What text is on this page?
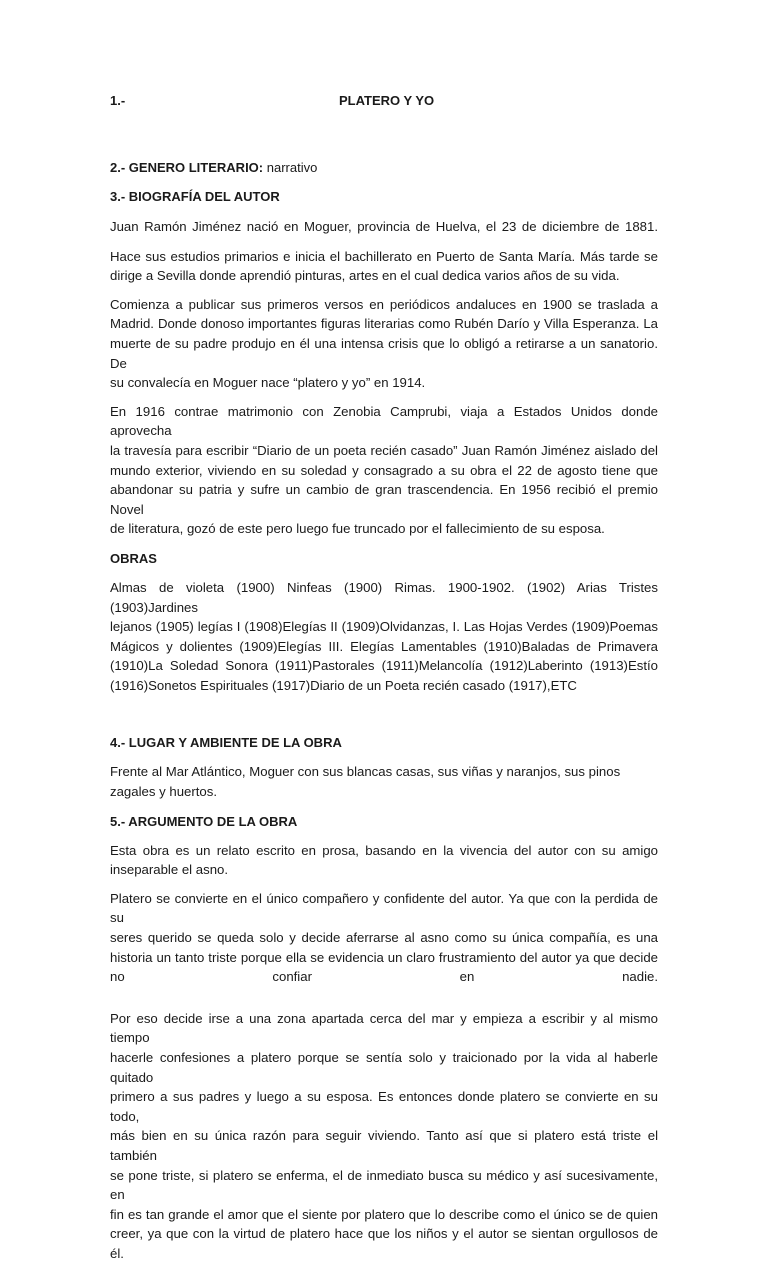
1.-	PLATERO Y YO
2.- GENERO LITERARIO: narrativo
3.- BIOGRAFÍA DEL AUTOR

Juan Ramón Jiménez nació en Moguer, provincia de Huelva, el 23 de diciembre de 1881.

Hace sus estudios primarios e inicia el bachillerato en Puerto de Santa María. Más tarde se
dirige a Sevilla donde aprendió pinturas, artes en el cual dedica varios años de su vida.

Comienza a publicar sus primeros versos en periódicos andaluces en 1900 se traslada a
Madrid. Donde donoso importantes figuras literarias como Rubén Darío y Villa Esperanza. La
muerte de su padre produjo en él una intensa crisis que lo obligó a retirarse a un sanatorio. De
su convalecía en Moguer nace “platero y yo” en 1914.

En 1916 contrae matrimonio con Zenobia Camprubi, viaja a Estados Unidos donde aprovecha
la travesía para escribir “Diario de un poeta recién casado” Juan Ramón Jiménez aislado del
mundo exterior, viviendo en su soledad y consagrado a su obra el 22 de agosto tiene que
abandonar su patria y sufre un cambio de gran trascendencia. En 1956 recibió el premio Novel
de literatura, gozó de este pero luego fue truncado por el fallecimiento de su esposa.

OBRAS

Almas de violeta (1900) Ninfeas (1900) Rimas. 1900-1902. (1902) Arias Tristes (1903)Jardines
lejanos (1905) legías I (1908)Elegías II (1909)Olvidanzas, I. Las Hojas Verdes (1909)Poemas
Mágicos y dolientes (1909)Elegías III. Elegías Lamentables (1910)Baladas de Primavera
(1910)La Soledad Sonora (1911)Pastorales (1911)Melancolía (1912)Laberinto (1913)Estío
(1916)Sonetos Espirituales (1917)Diario de un Poeta recién casado (1917),ETC

4.- LUGAR Y AMBIENTE DE LA OBRA

Frente al Mar Atlántico, Moguer con sus blancas casas, sus viñas y naranjos, sus pinos
zagales y huertos.

5.- ARGUMENTO DE LA OBRA

Esta obra es un relato escrito en prosa, basando en la vivencia del autor con su amigo
inseparable el asno.

Platero se convierte en el único compañero y confidente del autor. Ya que con la perdida de su
seres querido se queda solo y decide aferrarse al asno como su única compañía, es una
historia un tanto triste porque ella se evidencia un claro frustramiento del autor ya que decide
no confiar en nadie.

Por eso decide irse a una zona apartada cerca del mar y empieza a escribir y al mismo tiempo
hacerle confesiones a platero porque se sentía solo y traicionado por la vida al haberle quitado
primero a sus padres y luego a su esposa. Es entonces donde platero se convierte en su todo,
más bien en su única razón para seguir viviendo. Tanto así que si platero está triste el también
se pone triste, si platero se enferma, el de inmediato busca su médico y así sucesivamente, en
fin es tan grande el amor que el siente por platero que lo describe como el único se de quien
creer, ya que con la virtud de platero hace que los niños y el autor se sientan orgullosos de él.
